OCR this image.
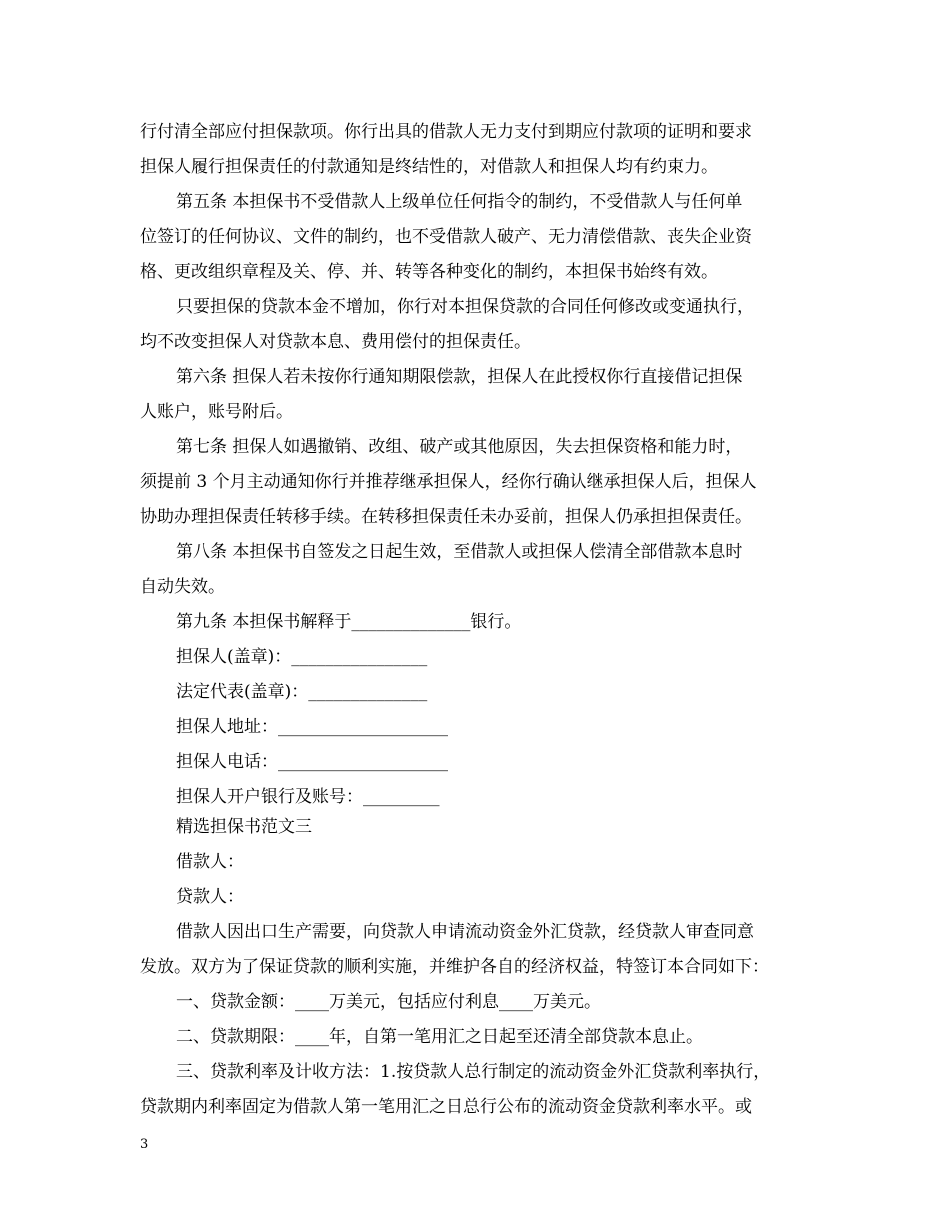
行付清全部应付担保款项。你行出具的借款人无力支付到期应付款项的证明和要求
担保人履行担保责任的付款通知是终结性的，对借款人和担保人均有约束力。
第五条 本担保书不受借款人上级单位任何指令的制约，不受借款人与任何单
位签订的任何协议、文件的制约，也不受借款人破产、无力清偿借款、丧失企业资
格、更改组织章程及关、停、并、转等各种变化的制约，本担保书始终有效。
只要担保的贷款本金不增加，你行对本担保贷款的合同任何修改或变通执行，
均不改变担保人对贷款本息、费用偿付的担保责任。
第六条 担保人若未按你行通知期限偿款，担保人在此授权你行直接借记担保
人账户，账号附后。
第七条 担保人如遇撤销、改组、破产或其他原因，失去担保资格和能力时，
须提前 3 个月主动通知你行并推荐继承担保人，经你行确认继承担保人后，担保人
协助办理担保责任转移手续。在转移担保责任未办妥前，担保人仍承担担保责任。
第八条 本担保书自签发之日起生效，至借款人或担保人偿清全部借款本息时
自动失效。
第九条 本担保书解释于______________银行。
担保人(盖章)：________________
法定代表(盖章)：______________
担保人地址：____________________
担保人电话：____________________
担保人开户银行及账号：_________
精选担保书范文三
借款人：
贷款人：
借款人因出口生产需要，向贷款人申请流动资金外汇贷款，经贷款人审查同意
发放。双方为了保证贷款的顺利实施，并维护各自的经济权益，特签订本合同如下：
一、贷款金额：____万美元，包括应付利息____万美元。
二、贷款期限：____年，自第一笔用汇之日起至还清全部贷款本息止。
三、贷款利率及计收方法：1.按贷款人总行制定的流动资金外汇贷款利率执行，
贷款期内利率固定为借款人第一笔用汇之日总行公布的流动资金贷款利率水平。或
3
